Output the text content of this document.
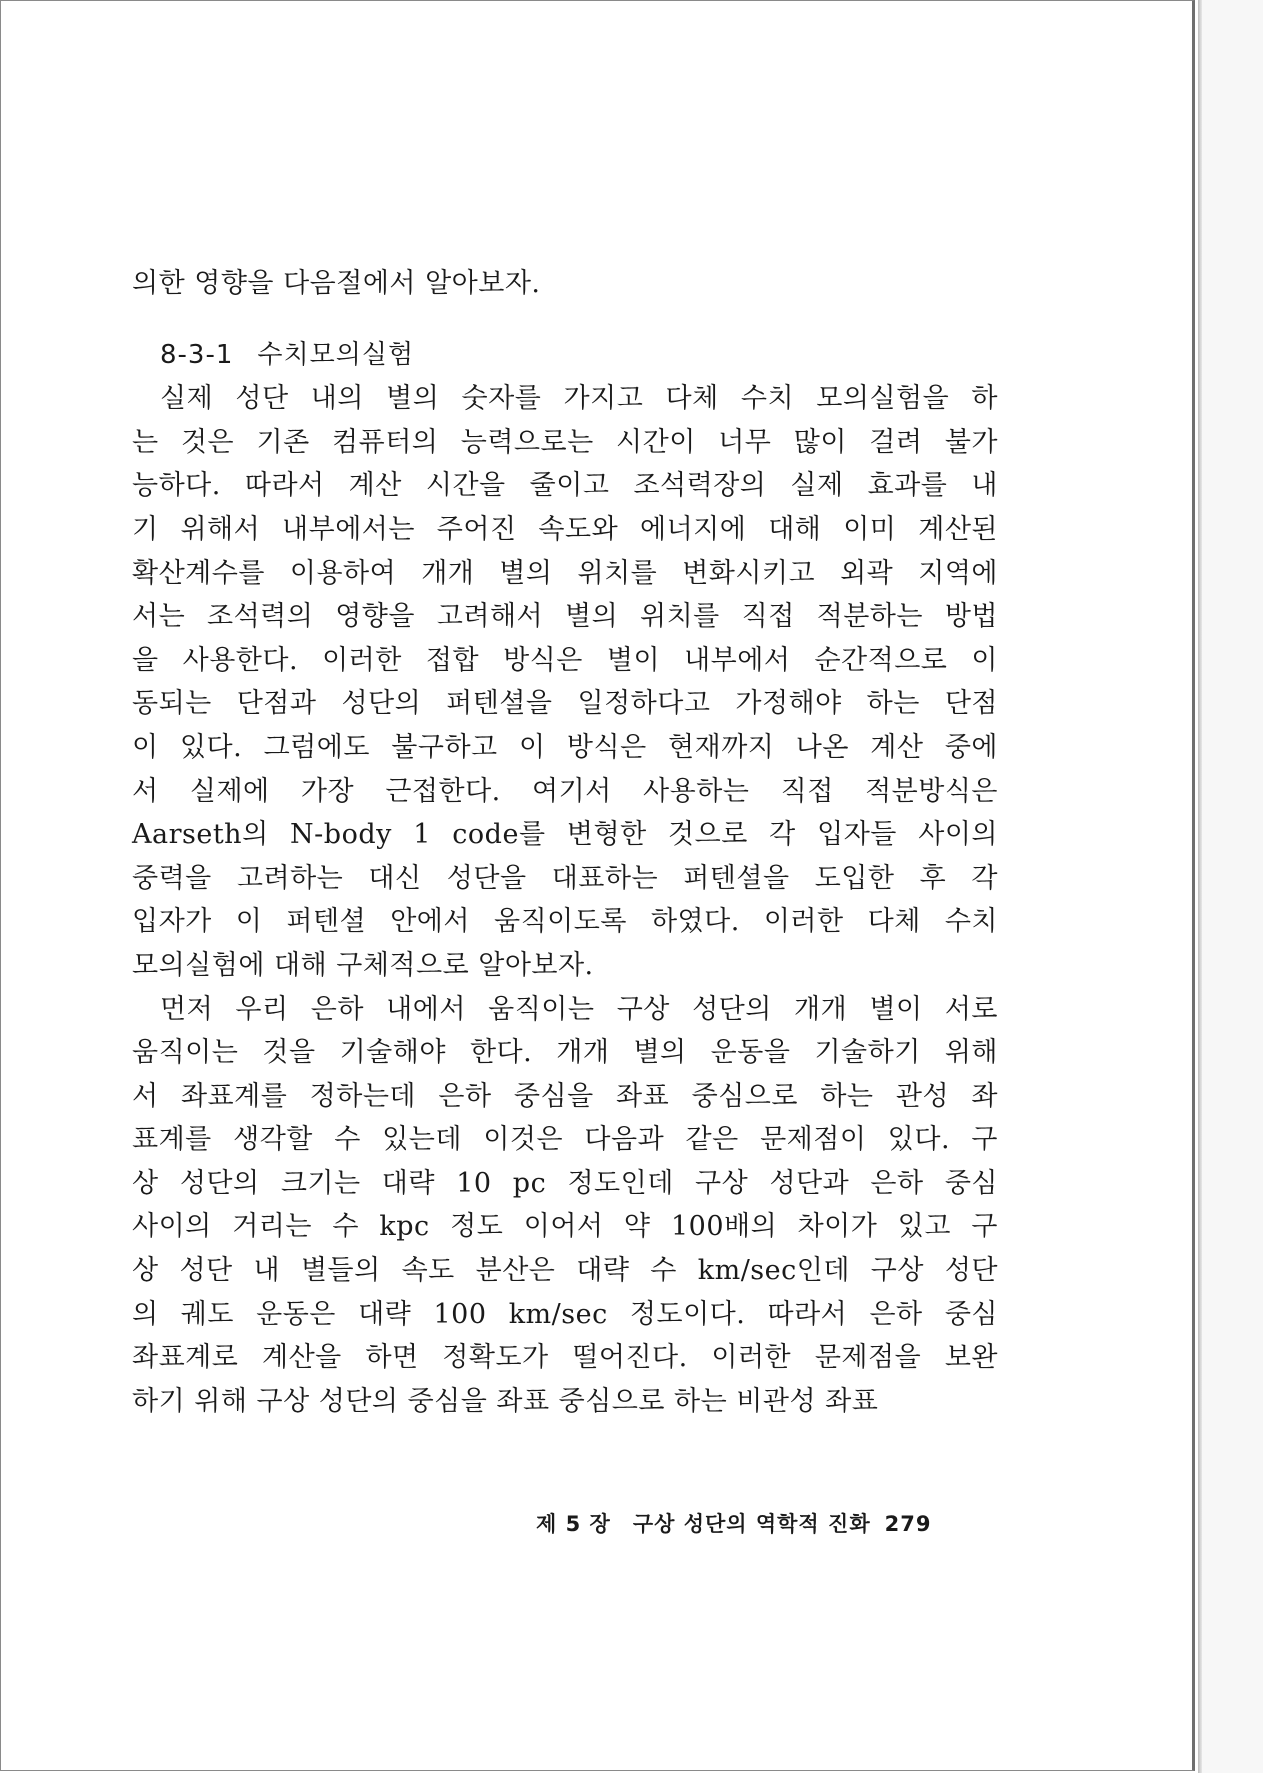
의한 영향을 다음절에서 알아보자.
8-3-1 수치모의실험
실제 성단 내의 별의 숫자를 가지고 다체 수치 모의실험을 하
는 것은 기존 컴퓨터의 능력으로는 시간이 너무 많이 걸려 불가
능하다. 따라서 계산 시간을 줄이고 조석력장의 실제 효과를 내
기 위해서 내부에서는 주어진 속도와 에너지에 대해 이미 계산된
확산계수를 이용하여 개개 별의 위치를 변화시키고 외곽 지역에
서는 조석력의 영향을 고려해서 별의 위치를 직접 적분하는 방법
을 사용한다. 이러한 접합 방식은 별이 내부에서 순간적으로 이
동되는 단점과 성단의 퍼텐셜을 일정하다고 가정해야 하는 단점
이 있다. 그럼에도 불구하고 이 방식은 현재까지 나온 계산 중에
서 실제에 가장 근접한다. 여기서 사용하는 직접 적분방식은
Aarseth의 N-body 1 code를 변형한 것으로 각 입자들 사이의
중력을 고려하는 대신 성단을 대표하는 퍼텐셜을 도입한 후 각
입자가 이 퍼텐셜 안에서 움직이도록 하였다. 이러한 다체 수치
모의실험에 대해 구체적으로 알아보자.
먼저 우리 은하 내에서 움직이는 구상 성단의 개개 별이 서로
움직이는 것을 기술해야 한다. 개개 별의 운동을 기술하기 위해
서 좌표계를 정하는데 은하 중심을 좌표 중심으로 하는 관성 좌
표계를 생각할 수 있는데 이것은 다음과 같은 문제점이 있다. 구
상 성단의 크기는 대략 10 pc 정도인데 구상 성단과 은하 중심
사이의 거리는 수 kpc 정도 이어서 약 100배의 차이가 있고 구
상 성단 내 별들의 속도 분산은 대략 수 km/sec인데 구상 성단
의 궤도 운동은 대략 100 km/sec 정도이다. 따라서 은하 중심
좌표계로 계산을 하면 정확도가 떨어진다. 이러한 문제점을 보완
하기 위해 구상 성단의 중심을 좌표 중심으로 하는 비관성 좌표
제 5 장 구상 성단의 역학적 진화 279
